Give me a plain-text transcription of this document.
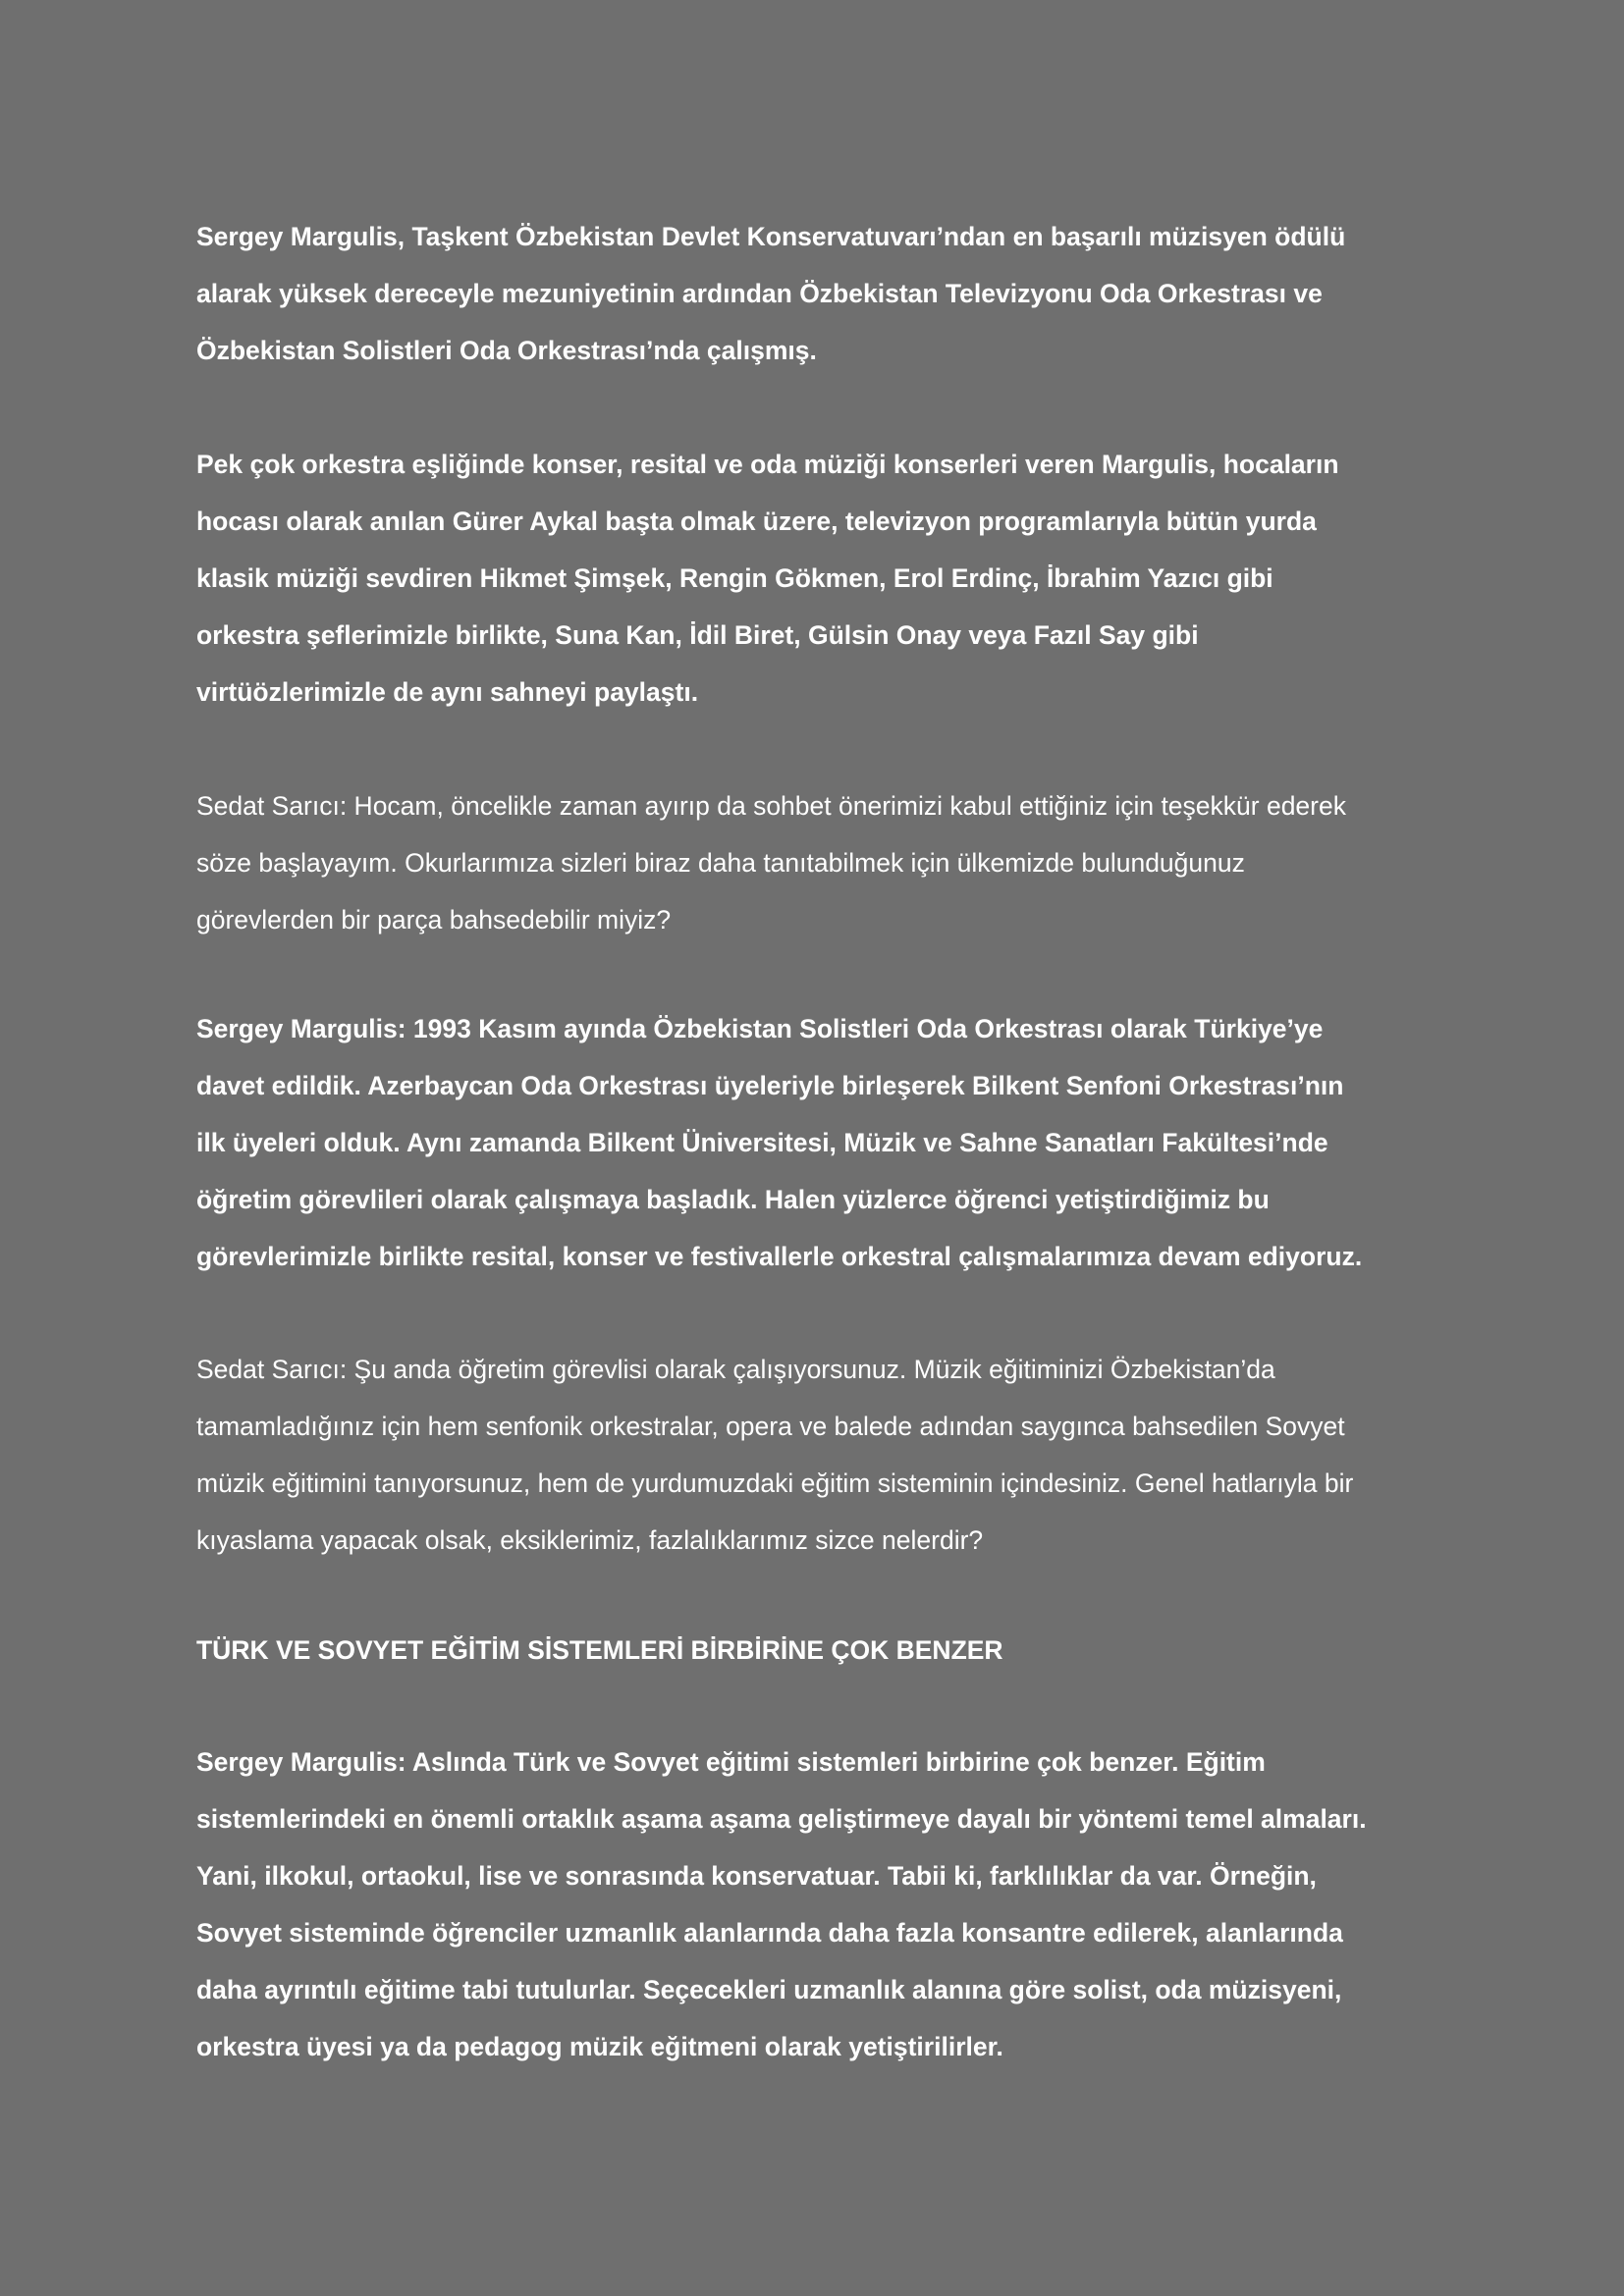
Sergey Margulis, Taşkent Özbekistan Devlet Konservatuvarı’ndan en başarılı müzisyen ödülü
alarak yüksek dereceyle mezuniyetinin ardından Özbekistan Televizyonu Oda Orkestrası ve
Özbekistan Solistleri Oda Orkestrası’nda çalışmış.

Pek çok orkestra eşliğinde konser, resital ve oda müziği konserleri veren Margulis, hocaların
hocası olarak anılan Gürer Aykal başta olmak üzere, televizyon programlarıyla bütün yurda
klasik müziği sevdiren Hikmet Şimşek, Rengin Gökmen, Erol Erdinç, İbrahim Yazıcı gibi
orkestra şeflerimizle birlikte, Suna Kan, İdil Biret, Gülsin Onay veya Fazıl Say gibi
virtüözlerimizle de aynı sahneyi paylaştı.

Sedat Sarıcı: Hocam, öncelikle zaman ayırıp da sohbet önerimizi kabul ettiğiniz için teşekkür ederek
söze başlayayım. Okurlarımıza sizleri biraz daha tanıtabilmek için ülkemizde bulunduğunuz
görevlerden bir parça bahsedebilir miyiz?

Sergey Margulis: 1993 Kasım ayında Özbekistan Solistleri Oda Orkestrası olarak Türkiye’ye
davet edildik. Azerbaycan Oda Orkestrası üyeleriyle birleşerek Bilkent Senfoni Orkestrası’nın
ilk üyeleri olduk. Aynı zamanda Bilkent Üniversitesi, Müzik ve Sahne Sanatları Fakültesi’nde
öğretim görevlileri olarak çalışmaya başladık. Halen yüzlerce öğrenci yetiştirdiğimiz bu
görevlerimizle birlikte resital, konser ve festivallerle orkestral çalışmalarımıza devam ediyoruz.

Sedat Sarıcı: Şu anda öğretim görevlisi olarak çalışıyorsunuz. Müzik eğitiminizi Özbekistan’da
tamamladığınız için hem senfonik orkestralar, opera ve balede adından saygınca bahsedilen Sovyet
müzik eğitimini tanıyorsunuz, hem de yurdumuzdaki eğitim sisteminin içindesiniz. Genel hatlarıyla bir
kıyaslama yapacak olsak, eksiklerimiz, fazlalıklarımız sizce nelerdir?

TÜRK VE SOVYET EĞİTİM SİSTEMLERİ BİRBİRİNE ÇOK BENZER

Sergey Margulis: Aslında Türk ve Sovyet eğitimi sistemleri birbirine çok benzer. Eğitim
sistemlerindeki en önemli ortaklık aşama aşama geliştirmeye dayalı bir yöntemi temel almaları.
Yani, ilkokul, ortaokul, lise ve sonrasında konservatuar. Tabii ki, farklılıklar da var. Örneğin,
Sovyet sisteminde öğrenciler uzmanlık alanlarında daha fazla konsantre edilerek, alanlarında
daha ayrıntılı eğitime tabi tutulurlar. Seçecekleri uzmanlık alanına göre solist, oda müzisyeni,
orkestra üyesi ya da pedagog müzik eğitmeni olarak yetiştirilirler.
